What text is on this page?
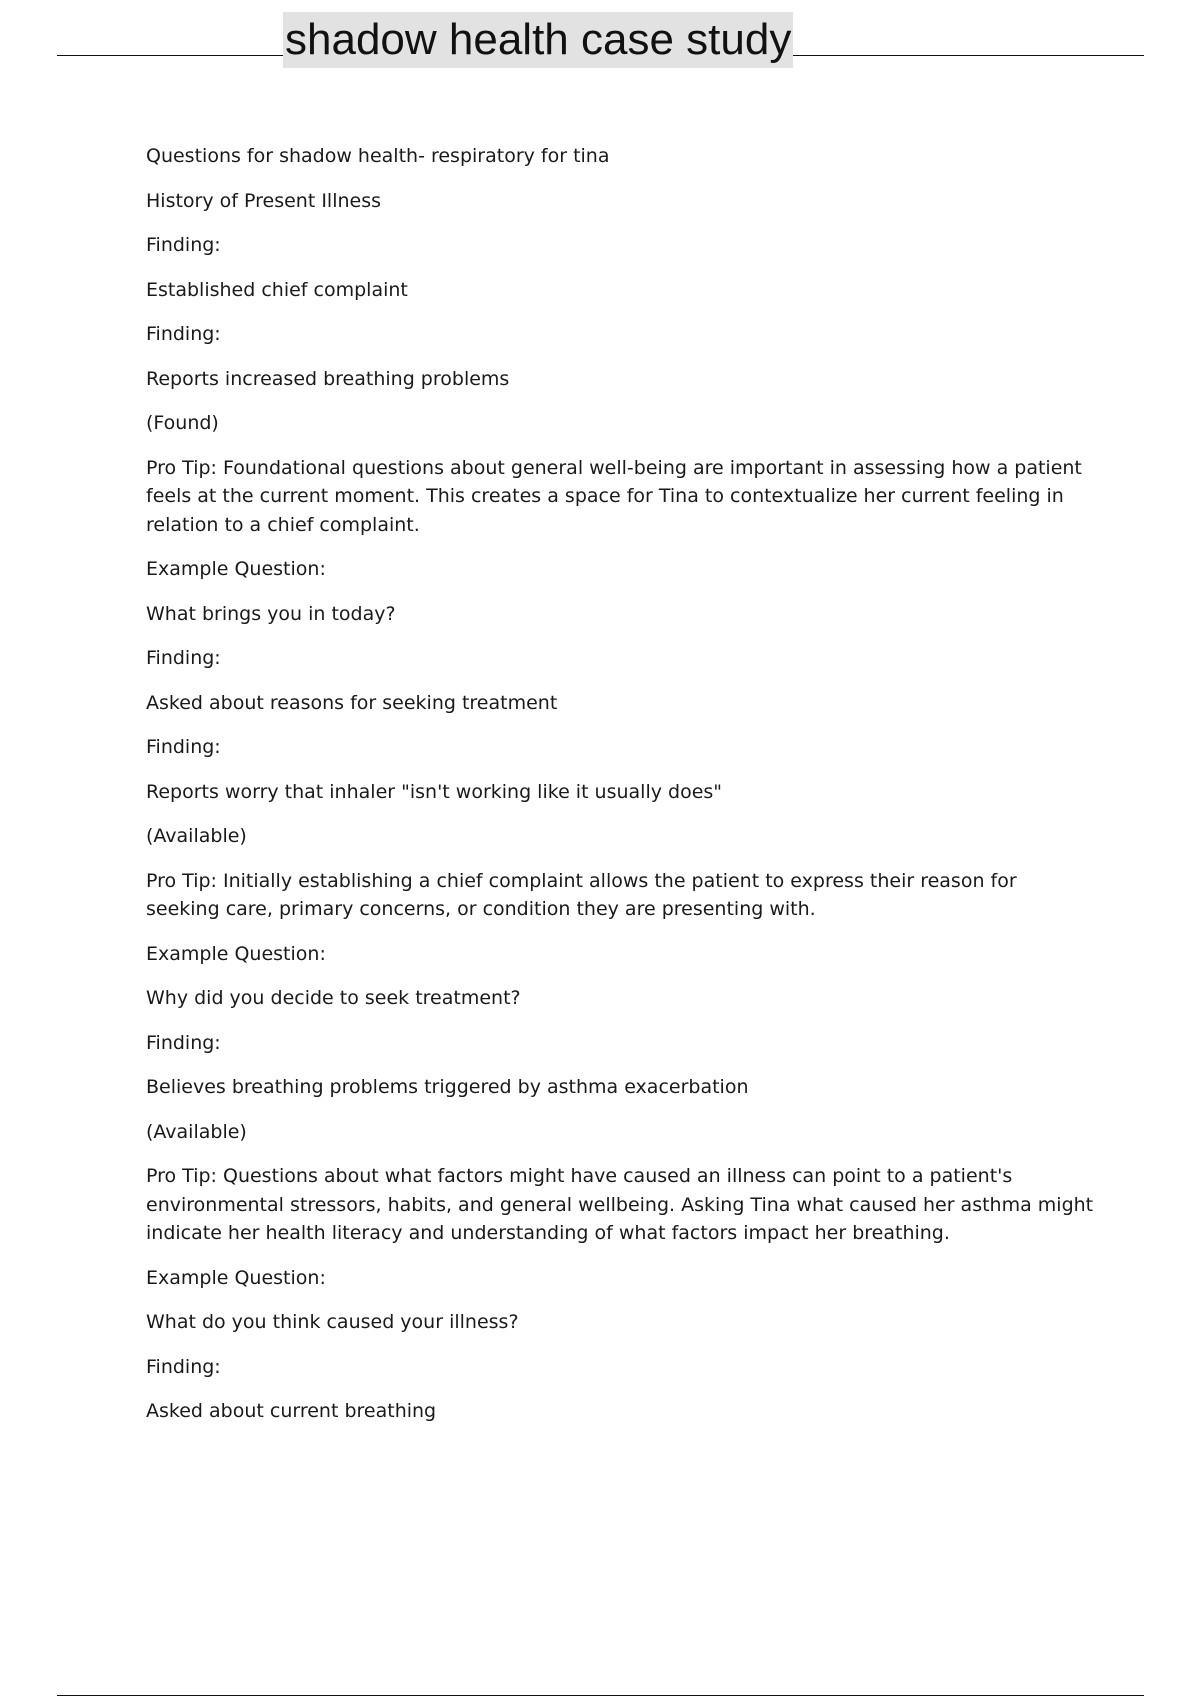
shadow health case study

Questions for shadow health- respiratory for tina

History of Present Illness

Finding:

Established chief complaint

Finding:

Reports increased breathing problems

(Found)

Pro Tip: Foundational questions about general well-being are important in assessing how a patient feels at the current moment. This creates a space for Tina to contextualize her current feeling in relation to a chief complaint.

Example Question:

What brings you in today?

Finding:

Asked about reasons for seeking treatment

Finding:

Reports worry that inhaler "isn't working like it usually does"

(Available)

Pro Tip: Initially establishing a chief complaint allows the patient to express their reason for seeking care, primary concerns, or condition they are presenting with.

Example Question:

Why did you decide to seek treatment?

Finding:

Believes breathing problems triggered by asthma exacerbation

(Available)

Pro Tip: Questions about what factors might have caused an illness can point to a patient's environmental stressors, habits, and general wellbeing. Asking Tina what caused her asthma might indicate her health literacy and understanding of what factors impact her breathing.

Example Question:

What do you think caused your illness?

Finding:

Asked about current breathing
